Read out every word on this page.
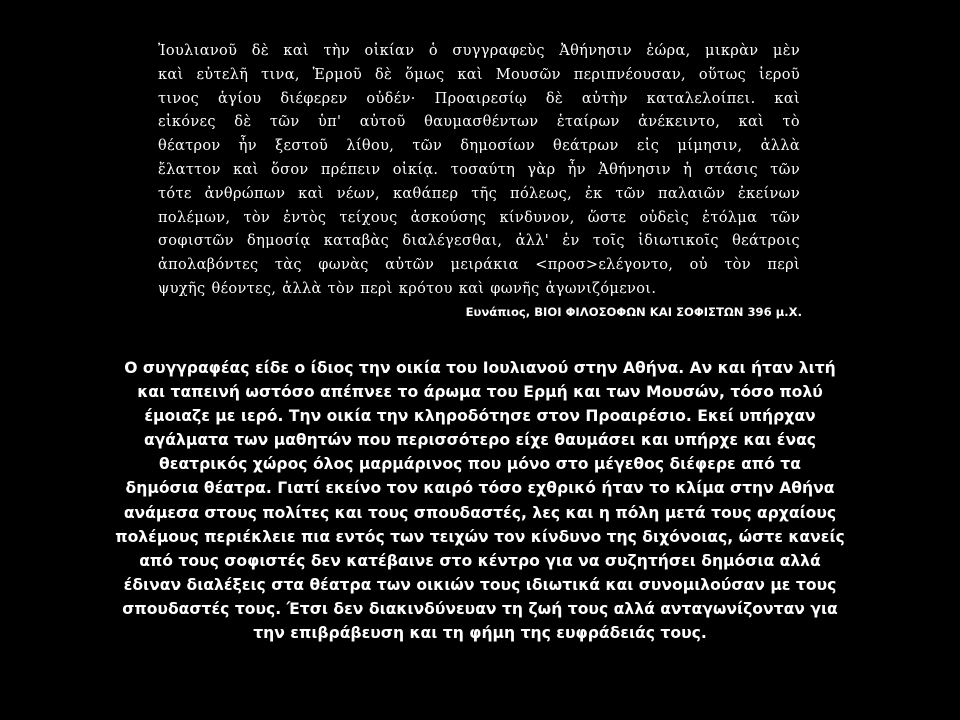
Ἰουλιανοῦ δὲ καὶ τὴν οἰκίαν ὁ συγγραφεὺς Ἀθήνησιν ἑώρα, μικρὰν μὲν
καὶ εὐτελῆ τινα, Ἑρμοῦ δὲ ὅμως καὶ Μουσῶν περιπνέουσαν, οὕτως ἱεροῦ
τινος ἁγίου διέφερεν οὐδέν· Προαιρεσίῳ δὲ αὐτὴν καταλελοίπει. καὶ
εἰκόνες δὲ τῶν ὑπ' αὐτοῦ θαυμασθέντων ἑταίρων ἀνέκειντο, καὶ τὸ
θέατρον ἦν ξεστοῦ λίθου, τῶν δημοσίων θεάτρων εἰς μίμησιν, ἀλλὰ
ἔλαττον καὶ ὅσον πρέπειν οἰκίᾳ. τοσαύτη γὰρ ἦν Ἀθήνησιν ἡ στάσις τῶν
τότε ἀνθρώπων καὶ νέων, καθάπερ τῆς πόλεως, ἐκ τῶν παλαιῶν ἐκείνων
πολέμων, τὸν ἐντὸς τείχους ἀσκούσης κίνδυνον, ὥστε οὐδεὶς ἐτόλμα τῶν
σοφιστῶν δημοσίᾳ καταβὰς διαλέγεσθαι, ἀλλ' ἐν τοῖς ἰδιωτικοῖς θεάτροις
ἀπολαβόντες τὰς φωνὰς αὐτῶν μειράκια <προσ>ελέγοντο, οὐ τὸν περὶ
ψυχῆς θέοντες, ἀλλὰ τὸν περὶ κρότου καὶ φωνῆς ἀγωνιζόμενοι.
Ευνάπιος, ΒΙΟΙ ΦΙΛΟΣΟΦΩΝ ΚΑΙ ΣΟΦΙΣΤΩΝ 396 μ.Χ.
Ο συγγραφέας είδε ο ίδιος την οικία του Ιουλιανού στην Αθήνα. Αν και ήταν λιτή
και ταπεινή ωστόσο απέπνεε το άρωμα του Ερμή και των Μουσών, τόσο πολύ
έμοιαζε με ιερό. Την οικία την κληροδότησε στον Προαιρέσιο. Εκεί υπήρχαν
αγάλματα των μαθητών που περισσότερο είχε θαυμάσει και υπήρχε και ένας
θεατρικός χώρος όλος μαρμάρινος που μόνο στο μέγεθος διέφερε από τα
δημόσια θέατρα. Γιατί εκείνο τον καιρό τόσο εχθρικό ήταν το κλίμα στην Αθήνα
ανάμεσα στους πολίτες και τους σπουδαστές, λες και η πόλη μετά τους αρχαίους
πολέμους περιέκλειε πια εντός των τειχών τον κίνδυνο της διχόνοιας, ώστε κανείς
από τους σοφιστές δεν κατέβαινε στο κέντρο για να συζητήσει δημόσια αλλά
έδιναν διαλέξεις στα θέατρα των οικιών τους ιδιωτικά και συνομιλούσαν με τους
σπουδαστές τους. Έτσι δεν διακινδύνευαν τη ζωή τους αλλά ανταγωνίζονταν για
την επιβράβευση και τη φήμη της ευφράδειάς τους.
